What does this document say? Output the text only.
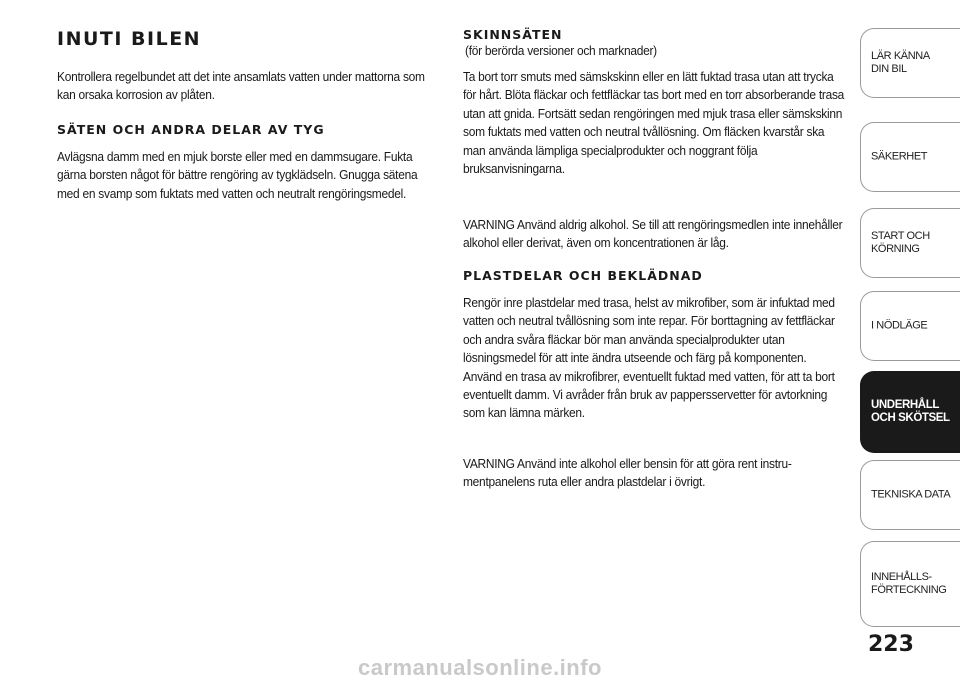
INUTI BILEN

Kontrollera regelbundet att det inte ansamlats vatten under mattorna som kan orsaka korrosion av plåten.

SÄTEN OCH ANDRA DELAR AV TYG

Avlägsna damm med en mjuk borste eller med en dammsugare. Fukta gärna borsten något för bättre rengöring av tygklädseln. Gnugga sätena med en svamp som fuktats med vatten och neutralt rengöringsmedel.

SKINNSÄTEN
(för berörda versioner och marknader)

Ta bort torr smuts med sämskskinn eller en lätt fuktad trasa utan att trycka för hårt. Blöta fläckar och fettfläckar tas bort med en torr absorberande trasa utan att gnida. Fortsätt sedan rengöringen med mjuk trasa eller sämskskinn som fuktats med vatten och neutral tvållösning. Om fläcken kvarstår ska man använda lämpliga specialprodukter och noggrant följa bruksanvisningarna.

VARNING Använd aldrig alkohol. Se till att rengöringsmedlen inte innehåller alkohol eller derivat, även om koncentrationen är låg.

PLASTDELAR OCH BEKLÄDNAD

Rengör inre plastdelar med trasa, helst av mikrofiber, som är infuktad med vatten och neutral tvållösning som inte repar. För borttagning av fettfläckar och andra svåra fläckar bör man använda specialprodukter utan lösningsmedel för att inte ändra utseende och färg på komponenten. Använd en trasa av mikrofibrer, eventuellt fuktad med vatten, för att ta bort eventuellt damm. Vi avråder från bruk av pappersservetter för avtorkning som kan lämna märken.

VARNING Använd inte alkohol eller bensin för att göra rent instrumentpanelens ruta eller andra plastdelar i övrigt.

LÄR KÄNNA
DIN BIL
SÄKERHET
START OCH
KÖRNING
I NÖDLÄGE
UNDERHÅLL
OCH SKÖTSEL
TEKNISKA DATA
INNEHÅLLS-
FÖRTECKNING
223
carmanualsonline.info
